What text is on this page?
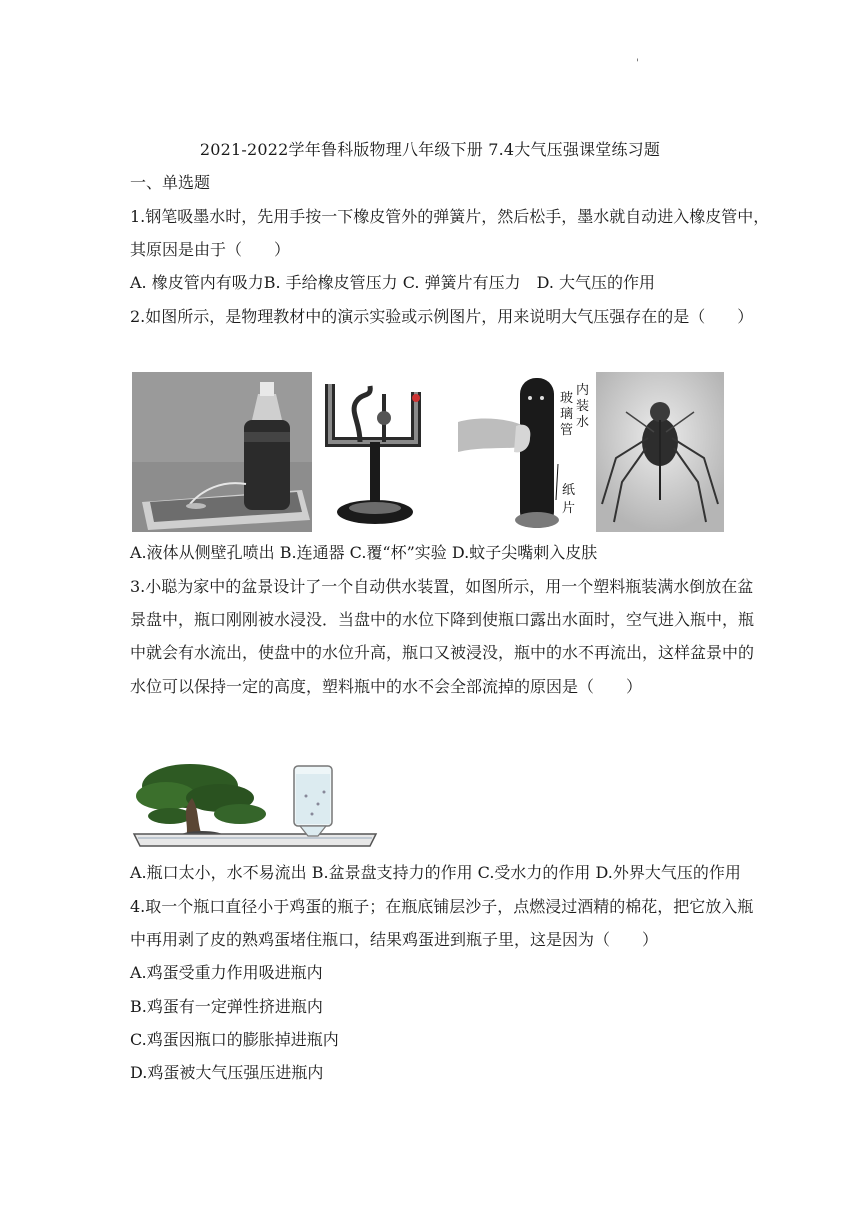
'
2021-2022学年鲁科版物理八年级下册 7.4大气压强课堂练习题
一、单选题
1.钢笔吸墨水时，先用手按一下橡皮管外的弹簧片，然后松手，墨水就自动进入橡皮管中，
其原因是由于（　　）
A. 橡皮管内有吸力B. 手给橡皮管压力 C. 弹簧片有压力　D. 大气压的作用
2.如图所示，是物理教材中的演示实验或示例图片，用来说明大气压强存在的是（　　）
玻
璃
管
内
装
水
纸
片
A.液体从侧壁孔喷出 B.连通器 C.覆“杯”实验 D.蚊子尖嘴刺入皮肤
3.小聪为家中的盆景设计了一个自动供水装置，如图所示，用一个塑料瓶装满水倒放在盆
景盘中，瓶口刚刚被水浸没．当盘中的水位下降到使瓶口露出水面时，空气进入瓶中，瓶
中就会有水流出，使盘中的水位升高，瓶口又被浸没，瓶中的水不再流出，这样盆景中的
水位可以保持一定的高度，塑料瓶中的水不会全部流掉的原因是（　　）
A.瓶口太小，水不易流出 B.盆景盘支持力的作用 C.受水力的作用 D.外界大气压的作用
4.取一个瓶口直径小于鸡蛋的瓶子；在瓶底铺层沙子，点燃浸过酒精的棉花，把它放入瓶
中再用剥了皮的熟鸡蛋堵住瓶口，结果鸡蛋进到瓶子里，这是因为（　　）
A.鸡蛋受重力作用吸进瓶内
B.鸡蛋有一定弹性挤进瓶内
C.鸡蛋因瓶口的膨胀掉进瓶内
D.鸡蛋被大气压强压进瓶内
